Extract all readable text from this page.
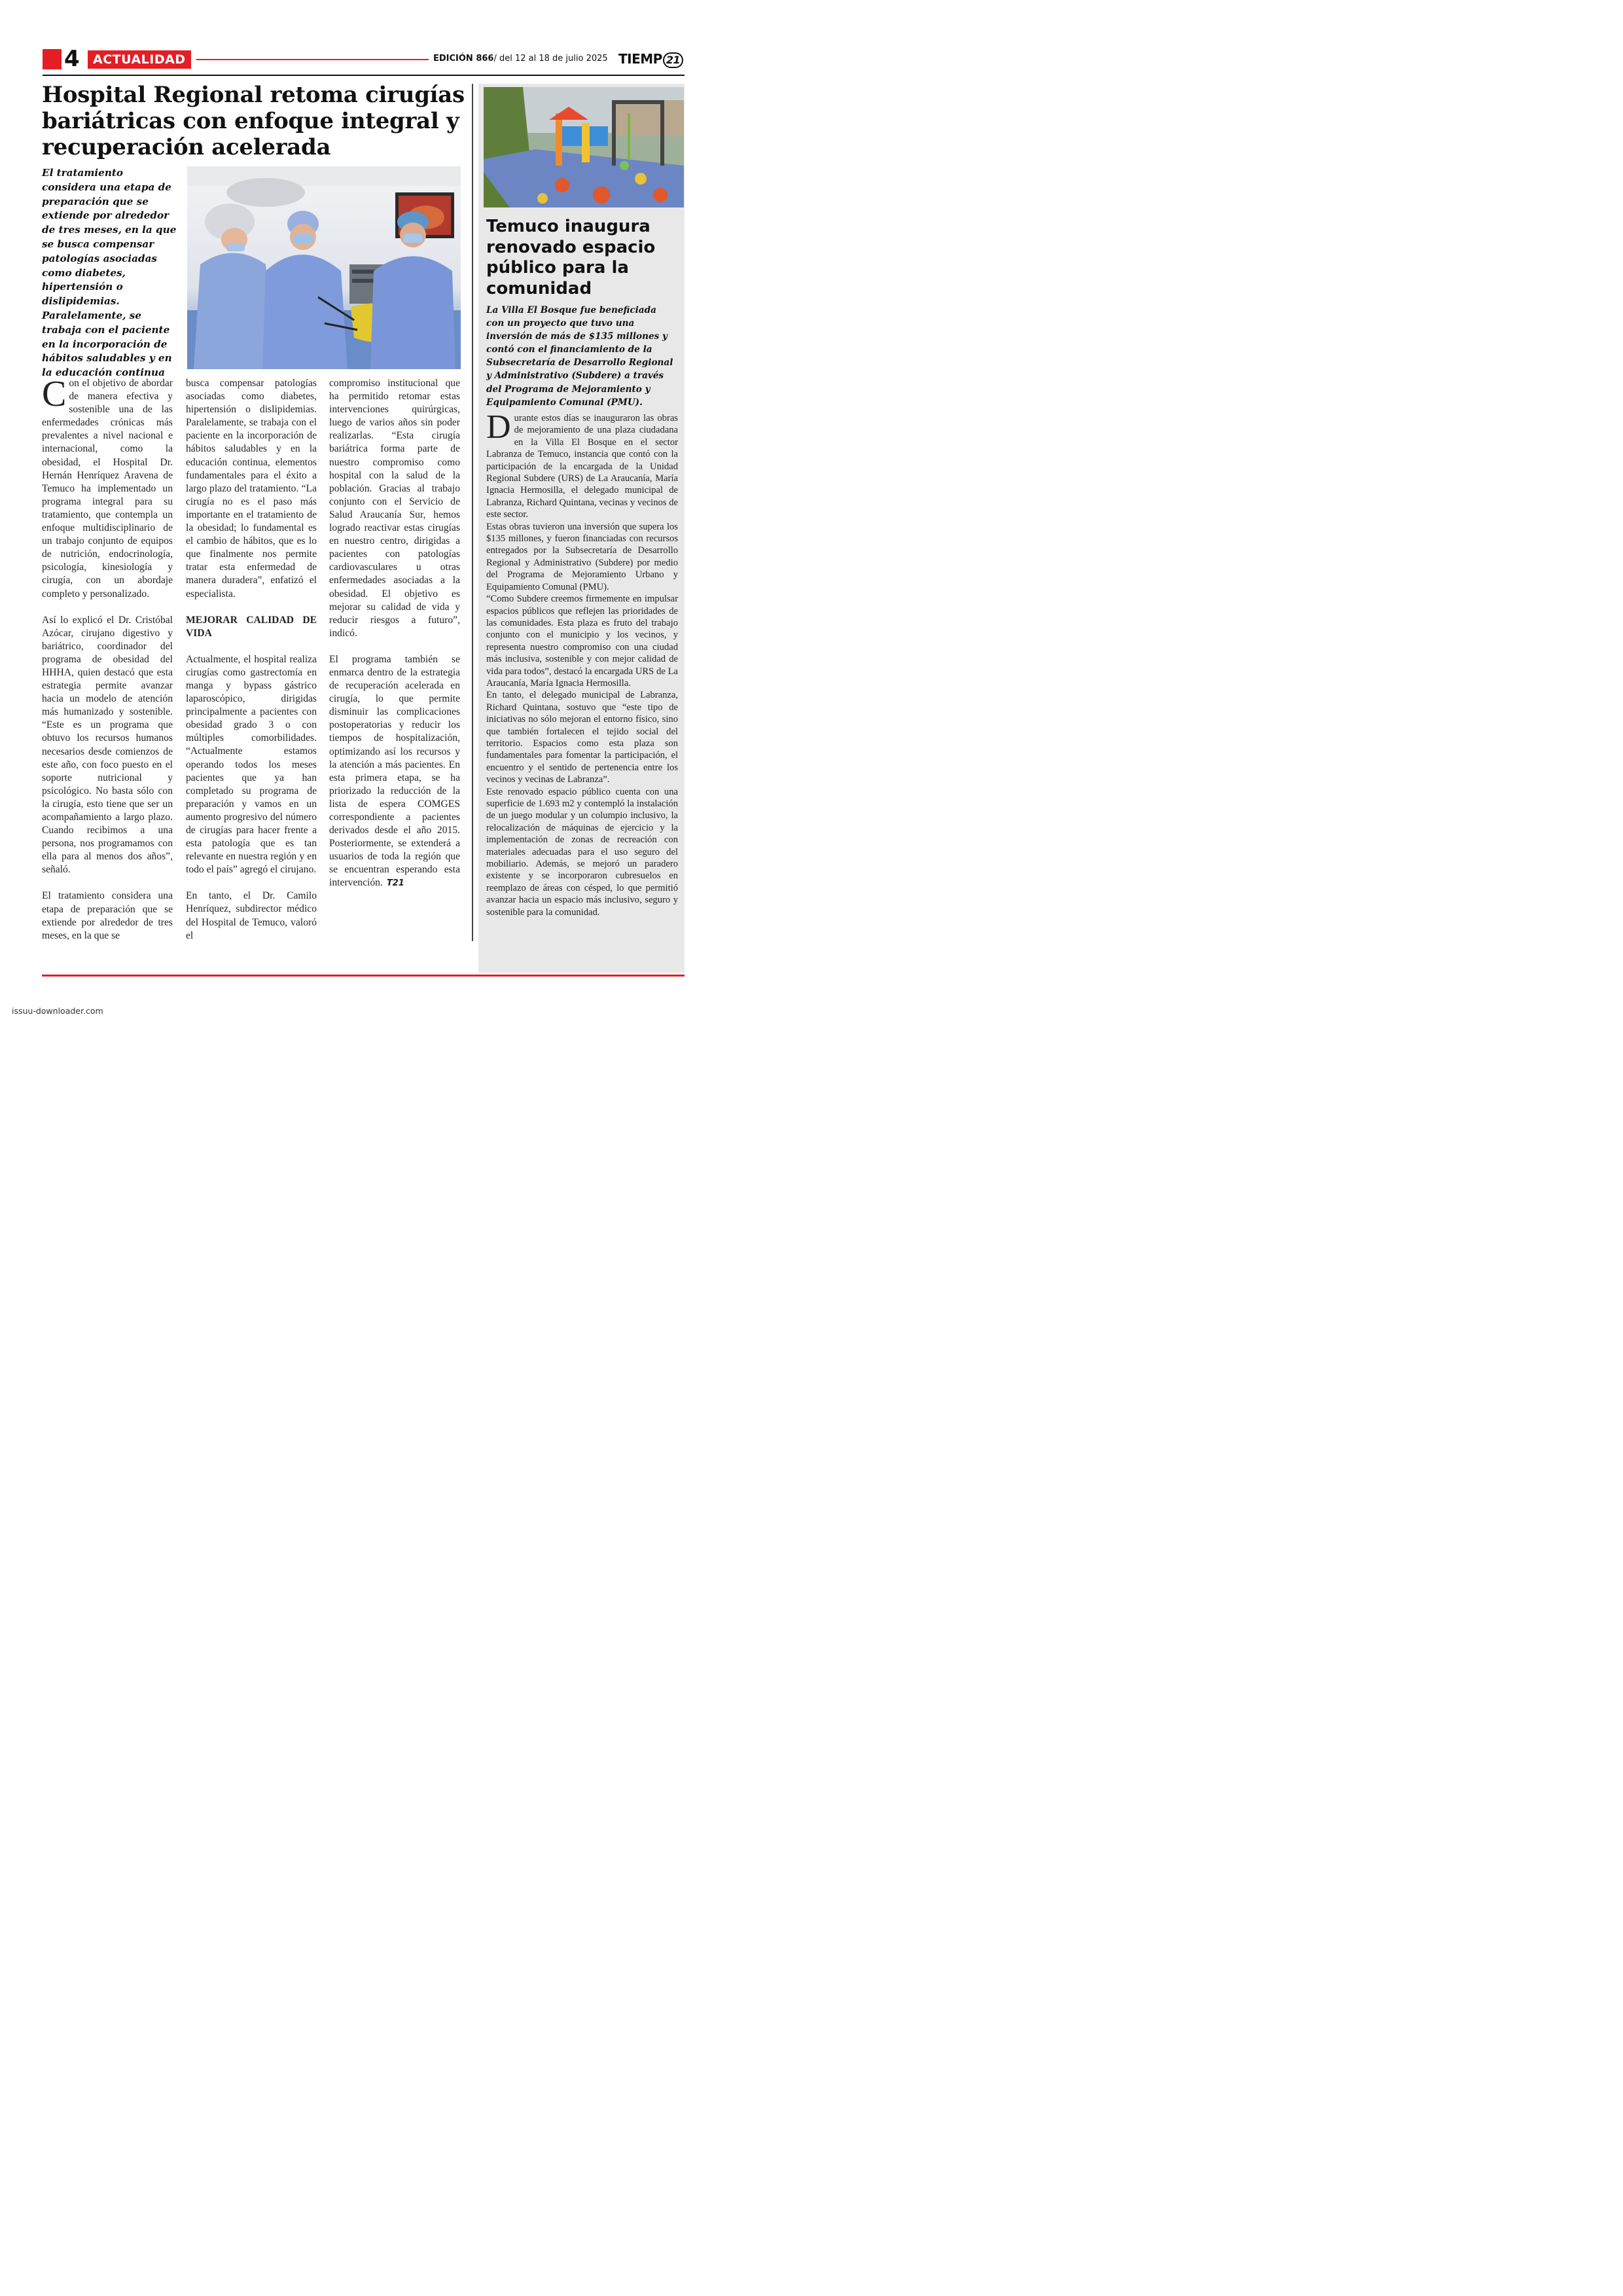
4	ACTUALIDAD	EDICIÓN 866/ del 12 al 18 de julio 2025 TIEMP 21
Hospital Regional retoma cirugías bariátricas con enfoque integral y recuperación acelerada

El tratamiento considera una etapa de preparación que se extiende por alrededor de tres meses, en la que se busca compensar patologías asociadas como diabetes, hipertensión o dislipidemias. Paralelamente, se trabaja con el paciente en la incorporación de hábitos saludables y en la educación continua

Con el objetivo de abordar de manera efectiva y sostenible una de las enfermedades crónicas más prevalentes a nivel nacional e internacional, como la obesidad, el Hospital Dr. Hernán Henríquez Aravena de Temuco ha implementado un programa integral para su tratamiento, que contempla un enfoque multidisciplinario de un trabajo conjunto de equipos de nutrición, endocrinología, psicología, kinesiología y cirugía, con un abordaje completo y personalizado.

Así lo explicó el Dr. Cristóbal Azócar, cirujano digestivo y bariátrico, coordinador del programa de obesidad del HHHA, quien destacó que esta estrategia permite avanzar hacia un modelo de atención más humanizado y sostenible. “Este es un programa que obtuvo los recursos humanos necesarios desde comienzos de este año, con foco puesto en el soporte nutricional y psicológico. No basta sólo con la cirugía, esto tiene que ser un acompañamiento a largo plazo. Cuando recibimos a una persona, nos programamos con ella para al menos dos años”, señaló.

El tratamiento considera una etapa de preparación que se extiende por alrededor de tres meses, en la que se

busca compensar patologías asociadas como diabetes, hipertensión o dislipidemias. Paralelamente, se trabaja con el paciente en la incorporación de hábitos saludables y en la educación continua, elementos fundamentales para el éxito a largo plazo del tratamiento. “La cirugía no es el paso más importante en el tratamiento de la obesidad; lo fundamental es el cambio de hábitos, que es lo que finalmente nos permite tratar esta enfermedad de manera duradera”, enfatizó el especialista.

MEJORAR CALIDAD DE VIDA

Actualmente, el hospital realiza cirugías como gastrectomía en manga y bypass gástrico laparoscópico, dirigidas principalmente a pacientes con obesidad grado 3 o con múltiples comorbilidades. “Actualmente estamos operando todos los meses pacientes que ya han completado su programa de preparación y vamos en un aumento progresivo del número de cirugías para hacer frente a esta patología que es tan relevante en nuestra región y en todo el país” agregó el cirujano.

En tanto, el Dr. Camilo Henríquez, subdirector médico del Hospital de Temuco, valoró el

compromiso institucional que ha permitido retomar estas intervenciones quirúrgicas, luego de varios años sin poder realizarlas. “Esta cirugía bariátrica forma parte de nuestro compromiso como hospital con la salud de la población. Gracias al trabajo conjunto con el Servicio de Salud Araucanía Sur, hemos logrado reactivar estas cirugías en nuestro centro, dirigidas a pacientes con patologías cardiovasculares u otras enfermedades asociadas a la obesidad. El objetivo es mejorar su calidad de vida y reducir riesgos a futuro”, indicó.

El programa también se enmarca dentro de la estrategia de recuperación acelerada en cirugía, lo que permite disminuir las complicaciones postoperatorias y reducir los tiempos de hospitalización, optimizando así los recursos y la atención a más pacientes. En esta primera etapa, se ha priorizado la reducción de la lista de espera COMGES correspondiente a pacientes derivados desde el año 2015. Posteriormente, se extenderá a usuarios de toda la región que se encuentran esperando esta intervención. T21

Temuco inaugura renovado espacio público para la comunidad

La Villa El Bosque fue beneficiada con un proyecto que tuvo una inversión de más de $135 millones y contó con el financiamiento de la Subsecretaría de Desarrollo Regional y Administrativo (Subdere) a través del Programa de Mejoramiento y Equipamiento Comunal (PMU).

Durante estos días se inauguraron las obras de mejoramiento de una plaza ciudadana en la Villa El Bosque en el sector Labranza de Temuco, instancia que contó con la participación de la encargada de la Unidad Regional Subdere (URS) de La Araucanía, María Ignacia Hermosilla, el delegado municipal de Labranza, Richard Quintana, vecinas y vecinos de este sector.

Estas obras tuvieron una inversión que supera los $135 millones, y fueron financiadas con recursos entregados por la Subsecretaría de Desarrollo Regional y Administrativo (Subdere) por medio del Programa de Mejoramiento Urbano y Equipamiento Comunal (PMU).

“Como Subdere creemos firmemente en impulsar espacios públicos que reflejen las prioridades de las comunidades. Esta plaza es fruto del trabajo conjunto con el municipio y los vecinos, y representa nuestro compromiso con una ciudad más inclusiva, sostenible y con mejor calidad de vida para todos”, destacó la encargada URS de La Araucanía, María Ignacia Hermosilla.

En tanto, el delegado municipal de Labranza, Richard Quintana, sostuvo que “este tipo de iniciativas no sólo mejoran el entorno físico, sino que también fortalecen el tejido social del territorio. Espacios como esta plaza son fundamentales para fomentar la participación, el encuentro y el sentido de pertenencia entre los vecinos y vecinas de Labranza”.

Este renovado espacio público cuenta con una superficie de 1.693 m2 y contempló la instalación de un juego modular y un columpio inclusivo, la relocalización de máquinas de ejercicio y la implementación de zonas de recreación con materiales adecuadas para el uso seguro del mobiliario. Además, se mejoró un paradero existente y se incorporaron cubresuelos en reemplazo de áreas con césped, lo que permitió avanzar hacia un espacio más inclusivo, seguro y sostenible para la comunidad.

issuu-downloader.com
